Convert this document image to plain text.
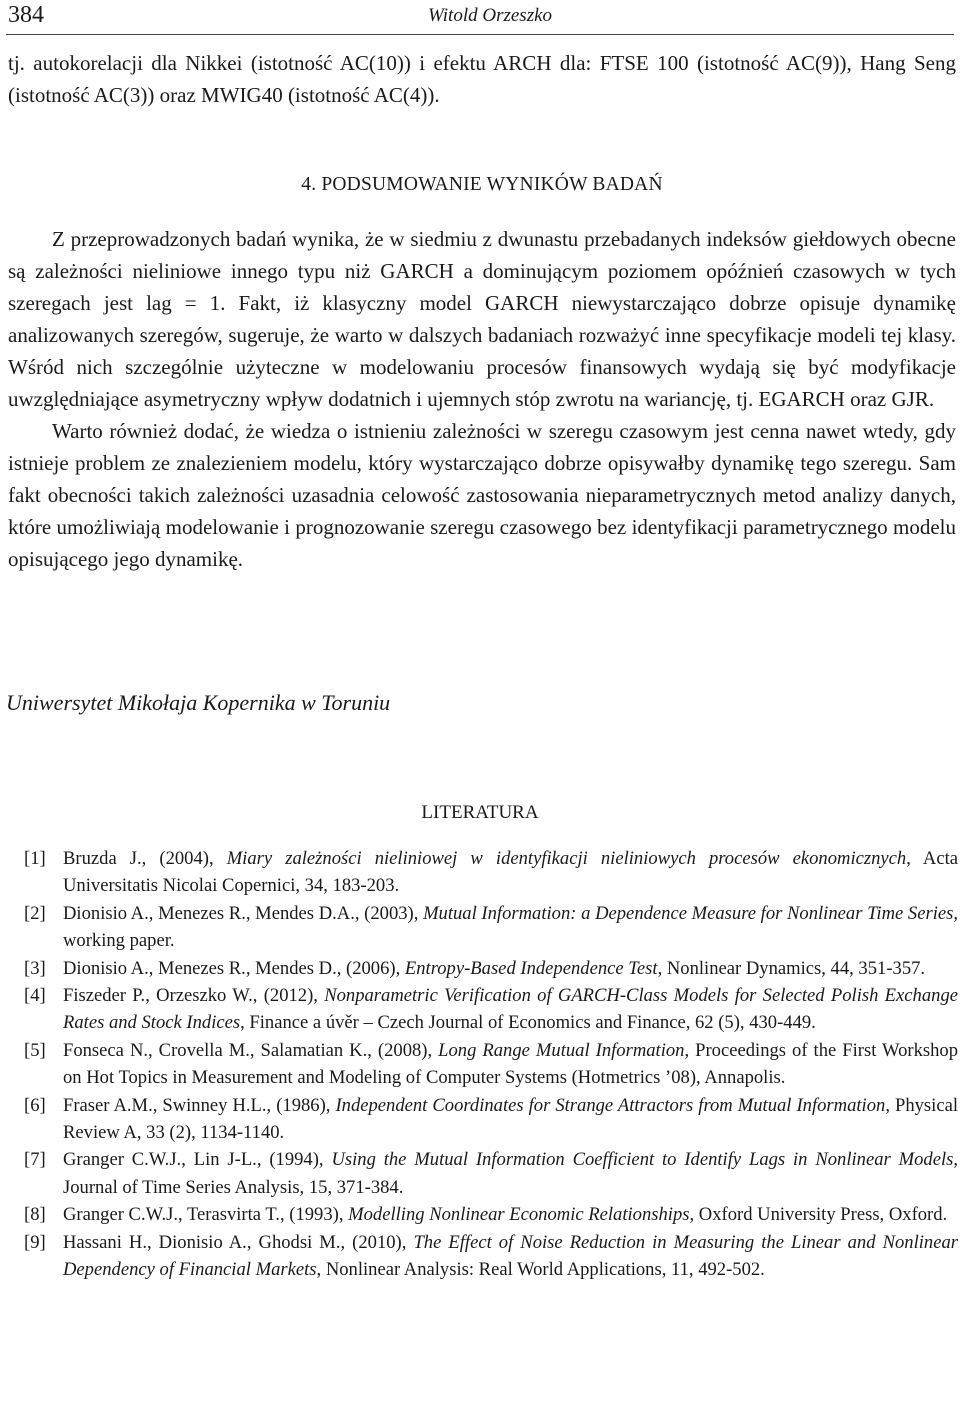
384	Witold Orzeszko

tj. autokorelacji dla Nikkei (istotność AC(10)) i efektu ARCH dla: FTSE 100 (istotność AC(9)), Hang Seng (istotność AC(3)) oraz MWIG40 (istotność AC(4)).

4. PODSUMOWANIE WYNIKÓW BADAŃ

Z przeprowadzonych badań wynika, że w siedmiu z dwunastu przebadanych indeksów giełdowych obecne są zależności nieliniowe innego typu niż GARCH a dominującym poziomem opóźnień czasowych w tych szeregach jest lag = 1. Fakt, iż klasyczny model GARCH niewystarczająco dobrze opisuje dynamikę analizowanych szeregów, sugeruje, że warto w dalszych badaniach rozważyć inne specyfikacje modeli tej klasy. Wśród nich szczególnie użyteczne w modelowaniu procesów finansowych wydają się być modyfikacje uwzględniające asymetryczny wpływ dodatnich i ujemnych stóp zwrotu na wariancję, tj. EGARCH oraz GJR.

Warto również dodać, że wiedza o istnieniu zależności w szeregu czasowym jest cenna nawet wtedy, gdy istnieje problem ze znalezieniem modelu, który wystarczająco dobrze opisywałby dynamikę tego szeregu. Sam fakt obecności takich zależności uzasadnia celowość zastosowania nieparametrycznych metod analizy danych, które umożliwiają modelowanie i prognozowanie szeregu czasowego bez identyfikacji parametrycznego modelu opisującego jego dynamikę.

Uniwersytet Mikołaja Kopernika w Toruniu
LITERATURA
[1] Bruzda J., (2004), Miary zależności nieliniowej w identyfikacji nieliniowych procesów ekonomicznych, Acta Universitatis Nicolai Copernici, 34, 183-203.
[2] Dionisio A., Menezes R., Mendes D.A., (2003), Mutual Information: a Dependence Measure for Nonlinear Time Series, working paper.
[3] Dionisio A., Menezes R., Mendes D., (2006), Entropy-Based Independence Test, Nonlinear Dynamics, 44, 351-357.
[4] Fiszeder P., Orzeszko W., (2012), Nonparametric Verification of GARCH-Class Models for Selected Polish Exchange Rates and Stock Indices, Finance a úvěr – Czech Journal of Economics and Finance, 62 (5), 430-449.
[5] Fonseca N., Crovella M., Salamatian K., (2008), Long Range Mutual Information, Proceedings of the First Workshop on Hot Topics in Measurement and Modeling of Computer Systems (Hotmetrics ’08), Annapolis.
[6] Fraser A.M., Swinney H.L., (1986), Independent Coordinates for Strange Attractors from Mutual Information, Physical Review A, 33 (2), 1134-1140.
[7] Granger C.W.J., Lin J-L., (1994), Using the Mutual Information Coefficient to Identify Lags in Nonlinear Models, Journal of Time Series Analysis, 15, 371-384.
[8] Granger C.W.J., Terasvirta T., (1993), Modelling Nonlinear Economic Relationships, Oxford University Press, Oxford.
[9] Hassani H., Dionisio A., Ghodsi M., (2010), The Effect of Noise Reduction in Measuring the Linear and Nonlinear Dependency of Financial Markets, Nonlinear Analysis: Real World Applications, 11, 492-502.
